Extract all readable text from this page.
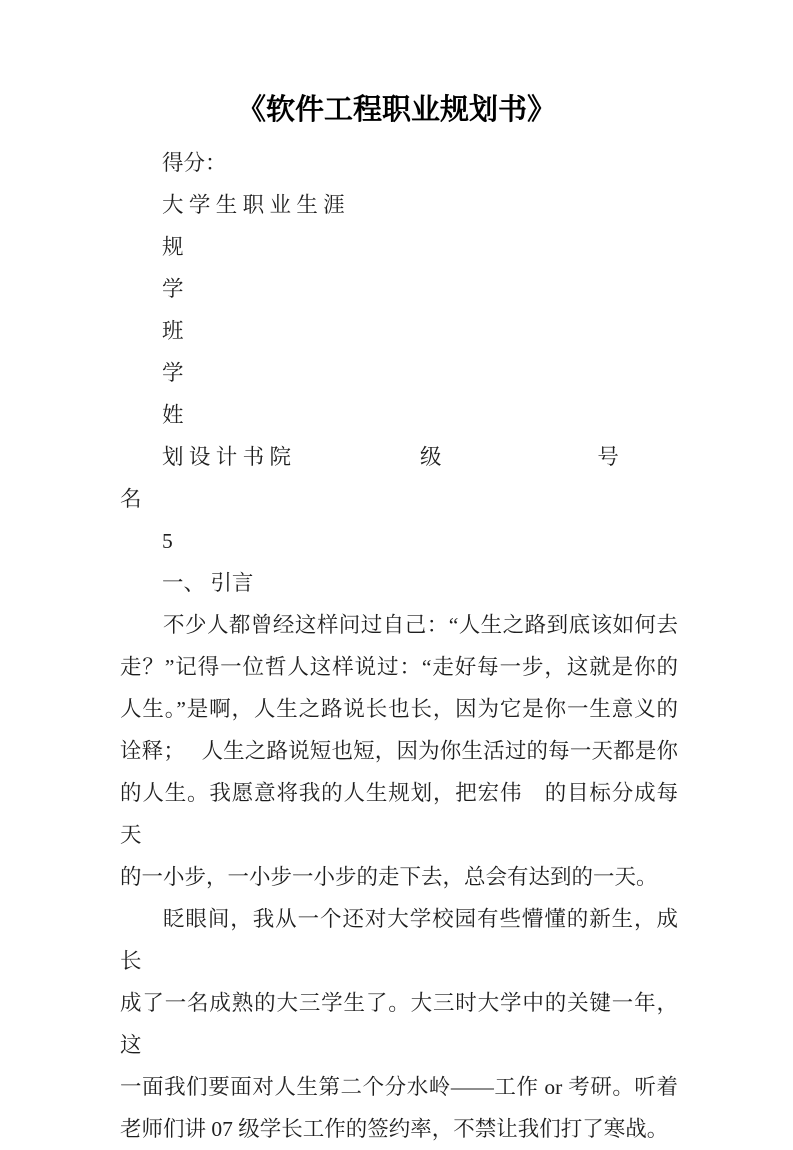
《软件工程职业规划书》
得分：
大 学 生 职 业 生 涯
规
学
班
学
姓
划 设 计 书 院　　　　　　级　　　　　　　 号
名
5
一、 引言
不少人都曾经这样问过自己：“人生之路到底该如何去
走？”记得一位哲人这样说过：“走好每一步，这就是你的
人生。”是啊，人生之路说长也长，因为它是你一生意义的
诠释；　 人生之路说短也短，因为你生活过的每一天都是你
的人生。我愿意将我的人生规划，把宏伟　的目标分成每天
的一小步，一小步一小步的走下去，总会有达到的一天。
眨眼间，我从一个还对大学校园有些懵懂的新生，成长
成了一名成熟的大三学生了。大三时大学中的关键一年，这
一面我们要面对人生第二个分水岭——工作 or 考研。听着
老师们讲 07 级学长工作的签约率，不禁让我们打了寒战。
